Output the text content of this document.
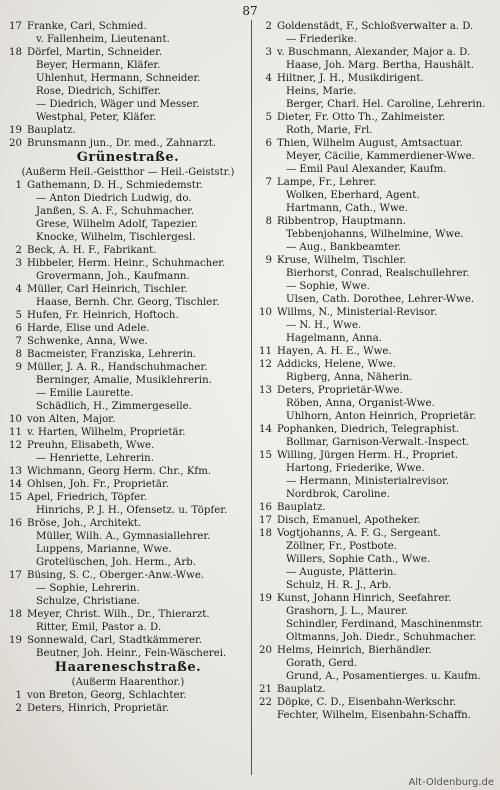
87
17 Franke, Carl, Schmied.
v. Fallenheim, Lieutenant.
18 Dörfel, Martin, Schneider.
Beyer, Hermann, Kläfer.
Uhlenhut, Hermann, Schneider.
Rose, Diedrich, Schiffer.
— Diedrich, Wäger und Messer.
Westphal, Peter, Kläfer.
19 Bauplatz.
20 Brunsmann jun., Dr. med., Zahnarzt.
Grünestraße.
(Außerm Heil.-Geistthor — Heil.-Geiststr.)
1 Gathemann, D. H., Schmiedemstr.
— Anton Diedrich Ludwig, do.
Janßen, S. A. F., Schuhmacher.
Grese, Wilhelm Adolf, Tapezier.
Knocke, Wilhelm, Tischlergesl.
2 Beck, A. H. F., Fabrikant.
3 Hibbeler, Herm. Heinr., Schuhmacher.
Grovermann, Joh., Kaufmann.
4 Müller, Carl Heinrich, Tischler.
Haase, Bernh. Chr. Georg, Tischler.
5 Hufen, Fr. Heinrich, Hoftoch.
6 Harde, Elise und Adele.
7 Schwenke, Anna, Wwe.
8 Bacmeister, Franziska, Lehrerin.
9 Müller, J. A. R., Handschuhmacher.
Berninger, Amalie, Musiklehrerin.
— Emilie Laurette.
Schädlich, H., Zimmergeselle.
10 von Alten, Major.
11 v. Harten, Wilhelm, Proprietär.
12 Preuhn, Elisabeth, Wwe.
— Henriette, Lehrerin.
13 Wichmann, Georg Herm. Chr., Kfm.
14 Ohlsen, Joh. Fr., Proprietär.
15 Apel, Friedrich, Töpfer.
Hinrichs, P. J. H., Ofensetz. u. Töpfer.
16 Bröse, Joh., Architekt.
Müller, Wilh. A., Gymnasiallehrer.
Luppens, Marianne, Wwe.
Grotelüschen, Joh. Herm., Arb.
17 Büsing, S. C., Oberger.-Anw.-Wwe.
— Sophie, Lehrerin.
Schulze, Christiane.
18 Meyer, Christ. Wilh., Dr., Thierarzt.
Ritter, Emil, Pastor a. D.
19 Sonnewald, Carl, Stadtkämmerer.
Beutner, Joh. Heinr., Fein-Wäscherei.
Haareneschstraße.
(Außerm Haarenthor.)
1 von Breton, Georg, Schlachter.
2 Deters, Hinrich, Proprietär.
2 Goldenstädt, F., Schloßverwalter a. D.
— Friederike.
3 v. Buschmann, Alexander, Major a. D.
Haase, Joh. Marg. Bertha, Haushält.
4 Hiltner, J. H., Musikdirigent.
Heins, Marie.
Berger, Charl. Hel. Caroline, Lehrerin.
5 Dieter, Fr. Otto Th., Zahlmeister.
Roth, Marie, Frl.
6 Thien, Wilhelm August, Amtsactuar.
Meyer, Cäcilie, Kammerdiener-Wwe.
— Emil Paul Alexander, Kaufm.
7 Lampe, Fr., Lehrer.
Wolken, Eberhard, Agent.
Hartmann, Cath., Wwe.
8 Ribbentrop, Hauptmann.
Tebbenjohanns, Wilhelmine, Wwe.
— Aug., Bankbeamter.
9 Kruse, Wilhelm, Tischler.
Bierhorst, Conrad, Realschullehrer.
— Sophie, Wwe.
Ulsen, Cath. Dorothee, Lehrer-Wwe.
10 Willms, N., Ministerial-Revisor.
— N. H., Wwe.
Hagelmann, Anna.
11 Hayen, A. H. E., Wwe.
12 Addicks, Helene, Wwe.
Rigberg, Anna, Näherin.
13 Deters, Proprietär-Wwe.
Röben, Anna, Organist-Wwe.
Uhlhorn, Anton Heinrich, Proprietär.
14 Pophanken, Diedrich, Telegraphist.
Bollmar, Garnison-Verwalt.-Inspect.
15 Willing, Jürgen Herm. H., Propriet.
Hartong, Friederike, Wwe.
— Hermann, Ministerialrevisor.
Nordbrok, Caroline.
16 Bauplatz.
17 Disch, Emanuel, Apotheker.
18 Vogtjohanns, A. F. G., Sergeant.
Zöllner, Fr., Postbote.
Willers, Sophie Cath., Wwe.
— Auguste, Plätterin.
Schulz, H. R. J., Arb.
19 Kunst, Johann Hinrich, Seefahrer.
Grashorn, J. L., Maurer.
Schindler, Ferdinand, Maschinenmstr.
Oltmanns, Joh. Diedr., Schuhmacher.
20 Helms, Heinrich, Bierhändler.
Gorath, Gerd.
Grund, A., Posamentierges. u. Kaufm.
21 Bauplatz.
22 Döpke, C. D., Eisenbahn-Werkschr.
Fechter, Wilhelm, Eisenbahn-Schaffn.
Alt-Oldenburg.de
